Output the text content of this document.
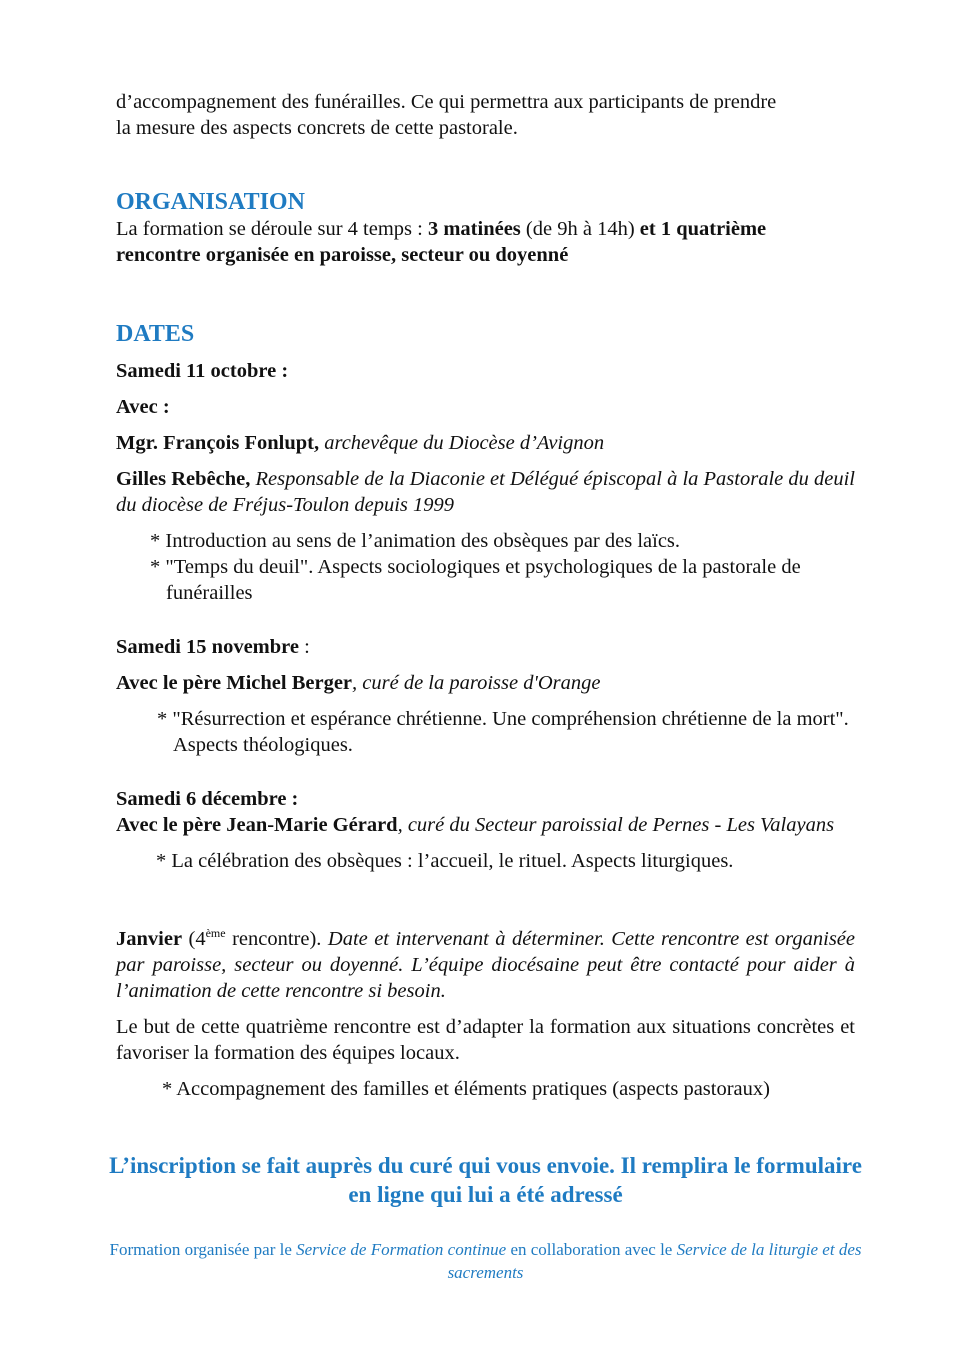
d’accompagnement des funérailles. Ce qui permettra aux participants de prendre

la mesure des aspects concrets de cette pastorale.

ORGANISATION

La formation se déroule sur 4 temps : 3 matinées (de 9h à 14h) et 1 quatrième rencontre organisée en paroisse, secteur ou doyenné

DATES

Samedi 11 octobre :

Avec :

Mgr. François Fonlupt, archevêque du Diocèse d’Avignon

Gilles Rebêche, Responsable de la Diaconie et Délégué épiscopal à la Pastorale du deuil du diocèse de Fréjus-Toulon depuis 1999

* Introduction au sens de l’animation des obsèques par des laïcs.

* "Temps du deuil". Aspects sociologiques et psychologiques de la pastorale de funérailles

Samedi 15 novembre :

Avec le père Michel Berger, curé de la paroisse d'Orange

* "Résurrection et espérance chrétienne. Une compréhension chrétienne de la mort". Aspects théologiques.

Samedi 6 décembre :

Avec le père Jean-Marie Gérard, curé du Secteur paroissial de Pernes - Les Valayans

* La célébration des obsèques : l’accueil, le rituel. Aspects liturgiques.

Janvier (4ème rencontre). Date et intervenant à déterminer. Cette rencontre est organisée par paroisse, secteur ou doyenné. L’équipe diocésaine peut être contacté pour aider à l’animation de cette rencontre si besoin.

Le but de cette quatrième rencontre est d’adapter la formation aux situations concrètes et favoriser la formation des équipes locaux.

* Accompagnement des familles et éléments pratiques (aspects pastoraux)

L’inscription se fait auprès du curé qui vous envoie. Il remplira le formulaire en ligne qui lui a été adressé
Formation organisée par le Service de Formation continue en collaboration avec le Service de la liturgie et des sacrements
